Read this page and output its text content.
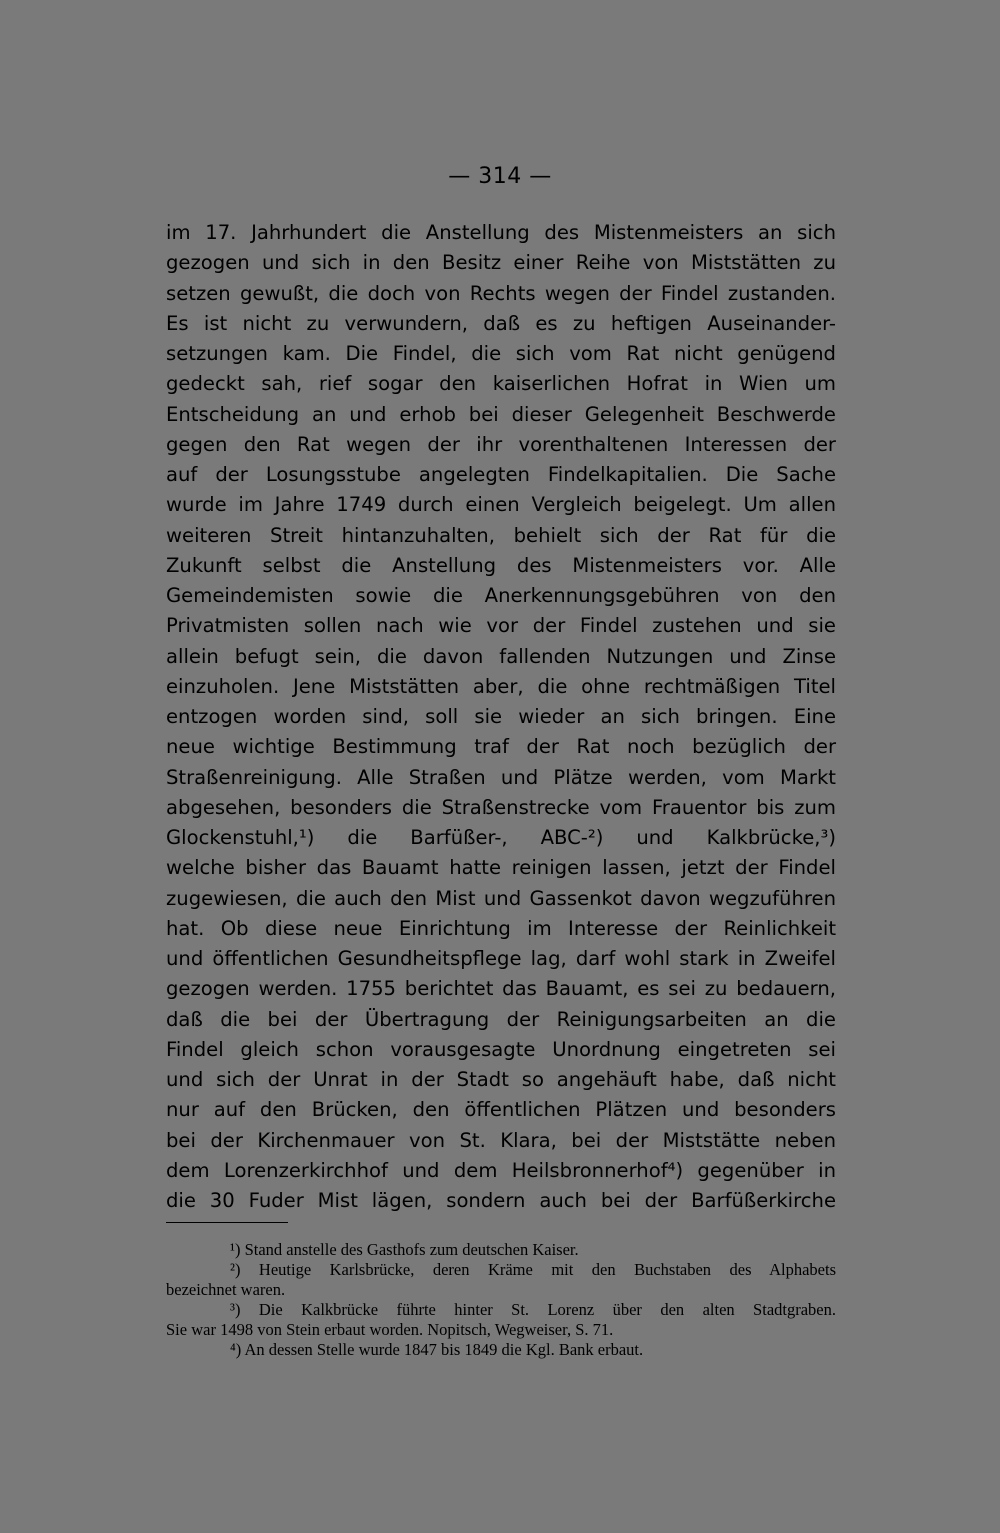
— 314 —
im 17. Jahrhundert die Anstellung des Mistenmeisters an sich
gezogen und sich in den Besitz einer Reihe von Miststätten zu
setzen gewußt, die doch von Rechts wegen der Findel zustanden.
Es ist nicht zu verwundern, daß es zu heftigen Auseinander-
setzungen kam. Die Findel, die sich vom Rat nicht genügend
gedeckt sah, rief sogar den kaiserlichen Hofrat in Wien um
Entscheidung an und erhob bei dieser Gelegenheit Beschwerde
gegen den Rat wegen der ihr vorenthaltenen Interessen der
auf der Losungsstube angelegten Findelkapitalien. Die Sache
wurde im Jahre 1749 durch einen Vergleich beigelegt. Um allen
weiteren Streit hintanzuhalten, behielt sich der Rat für die
Zukunft selbst die Anstellung des Mistenmeisters vor. Alle
Gemeindemisten sowie die Anerkennungsgebühren von den
Privatmisten sollen nach wie vor der Findel zustehen und sie
allein befugt sein, die davon fallenden Nutzungen und Zinse
einzuholen. Jene Miststätten aber, die ohne rechtmäßigen Titel
entzogen worden sind, soll sie wieder an sich bringen. Eine
neue wichtige Bestimmung traf der Rat noch bezüglich der
Straßenreinigung. Alle Straßen und Plätze werden, vom Markt
abgesehen, besonders die Straßenstrecke vom Frauentor bis zum
Glockenstuhl,¹) die Barfüßer-, ABC-²) und Kalkbrücke,³)
welche bisher das Bauamt hatte reinigen lassen, jetzt der Findel
zugewiesen, die auch den Mist und Gassenkot davon wegzuführen
hat. Ob diese neue Einrichtung im Interesse der Reinlichkeit
und öffentlichen Gesundheitspflege lag, darf wohl stark in Zweifel
gezogen werden. 1755 berichtet das Bauamt, es sei zu bedauern,
daß die bei der Übertragung der Reinigungsarbeiten an die
Findel gleich schon vorausgesagte Unordnung eingetreten sei
und sich der Unrat in der Stadt so angehäuft habe, daß nicht
nur auf den Brücken, den öffentlichen Plätzen und besonders
bei der Kirchenmauer von St. Klara, bei der Miststätte neben
dem Lorenzerkirchhof und dem Heilsbronnerhof⁴) gegenüber in
die 30 Fuder Mist lägen, sondern auch bei der Barfüßerkirche
¹) Stand anstelle des Gasthofs zum deutschen Kaiser.
²) Heutige Karlsbrücke, deren Kräme mit den Buchstaben des Alphabets
bezeichnet waren.
³) Die Kalkbrücke führte hinter St. Lorenz über den alten Stadtgraben.
Sie war 1498 von Stein erbaut worden. Nopitsch, Wegweiser, S. 71.
⁴) An dessen Stelle wurde 1847 bis 1849 die Kgl. Bank erbaut.
